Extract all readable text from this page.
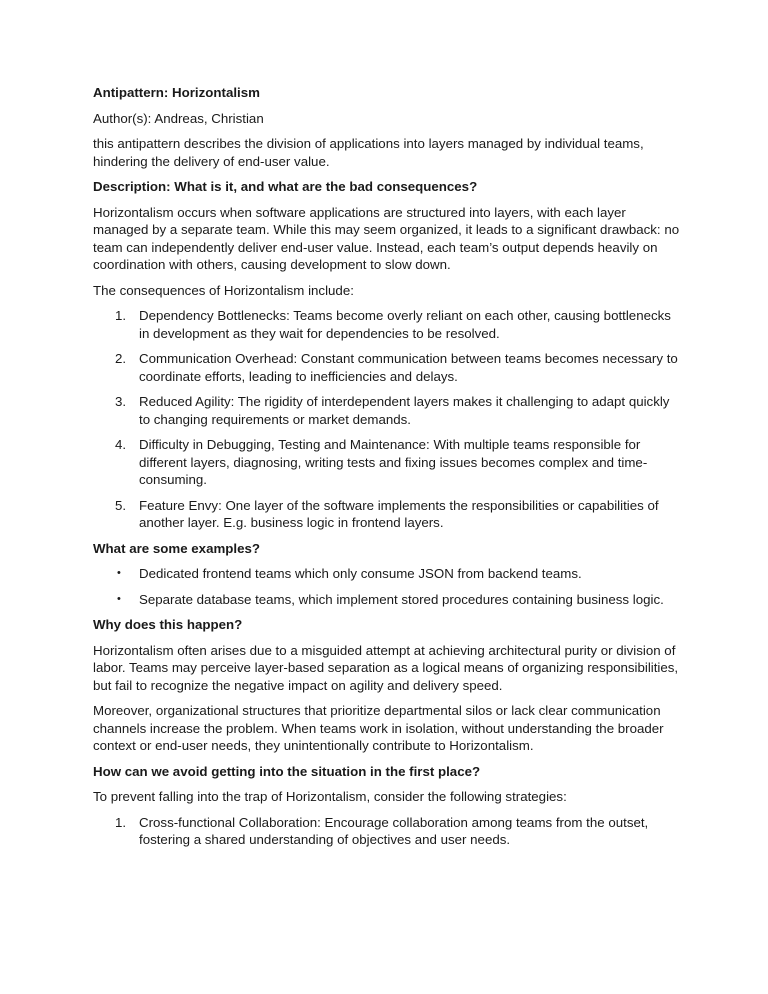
Antipattern: Horizontalism

Author(s): Andreas, Christian

this antipattern describes the division of applications into layers managed by individual teams, hindering the delivery of end-user value.

Description: What is it, and what are the bad consequences?

Horizontalism occurs when software applications are structured into layers, with each layer managed by a separate team. While this may seem organized, it leads to a significant drawback: no team can independently deliver end-user value. Instead, each team’s output depends heavily on coordination with others, causing development to slow down.

The consequences of Horizontalism include:

1. Dependency Bottlenecks: Teams become overly reliant on each other, causing bottlenecks in development as they wait for dependencies to be resolved.
2. Communication Overhead: Constant communication between teams becomes necessary to coordinate efforts, leading to inefficiencies and delays.
3. Reduced Agility: The rigidity of interdependent layers makes it challenging to adapt quickly to changing requirements or market demands.
4. Difficulty in Debugging, Testing and Maintenance: With multiple teams responsible for different layers, diagnosing, writing tests and fixing issues becomes complex and time-consuming.
5. Feature Envy: One layer of the software implements the responsibilities or capabilities of another layer. E.g. business logic in frontend layers.

What are some examples?

• Dedicated frontend teams which only consume JSON from backend teams.
• Separate database teams, which implement stored procedures containing business logic.

Why does this happen?

Horizontalism often arises due to a misguided attempt at achieving architectural purity or division of labor. Teams may perceive layer-based separation as a logical means of organizing responsibilities, but fail to recognize the negative impact on agility and delivery speed.

Moreover, organizational structures that prioritize departmental silos or lack clear communication channels increase the problem. When teams work in isolation, without understanding the broader context or end-user needs, they unintentionally contribute to Horizontalism.

How can we avoid getting into the situation in the first place?

To prevent falling into the trap of Horizontalism, consider the following strategies:

1. Cross-functional Collaboration: Encourage collaboration among teams from the outset, fostering a shared understanding of objectives and user needs.
